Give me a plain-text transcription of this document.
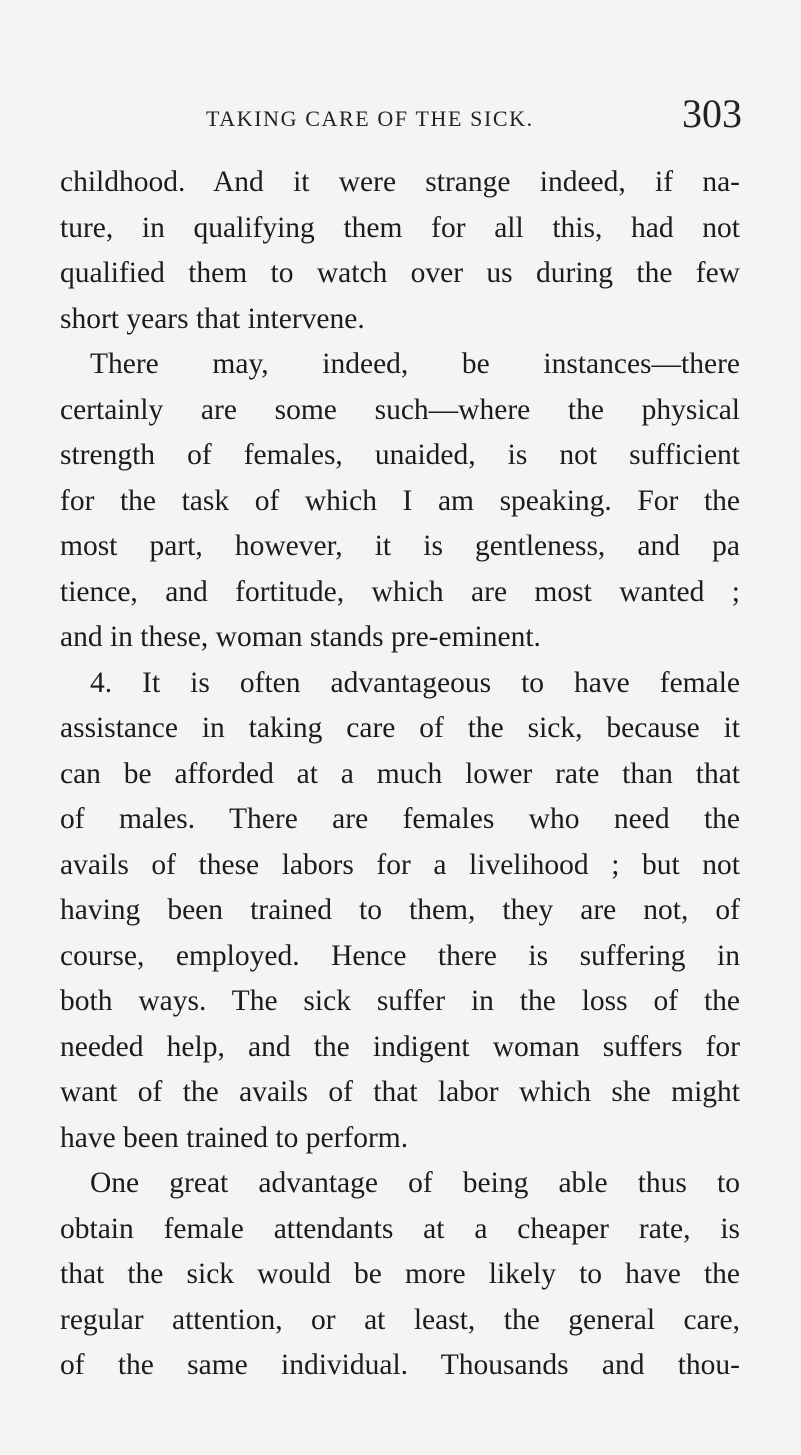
TAKING CARE OF THE SICK.	303
childhood. And it were strange indeed, if na-
ture, in qualifying them for all this, had not
qualified them to watch over us during the few
short years that intervene.
There may, indeed, be instances—there
certainly are some such—where the physical
strength of females, unaided, is not sufficient
for the task of which I am speaking. For the
most part, however, it is gentleness, and pa
tience, and fortitude, which are most wanted ;
and in these, woman stands pre-eminent.
4. It is often advantageous to have female
assistance in taking care of the sick, because it
can be afforded at a much lower rate than that
of males. There are females who need the
avails of these labors for a livelihood ; but not
having been trained to them, they are not, of
course, employed. Hence there is suffering in
both ways. The sick suffer in the loss of the
needed help, and the indigent woman suffers for
want of the avails of that labor which she might
have been trained to perform.
One great advantage of being able thus to
obtain female attendants at a cheaper rate, is
that the sick would be more likely to have the
regular attention, or at least, the general care,
of the same individual. Thousands and thou-
